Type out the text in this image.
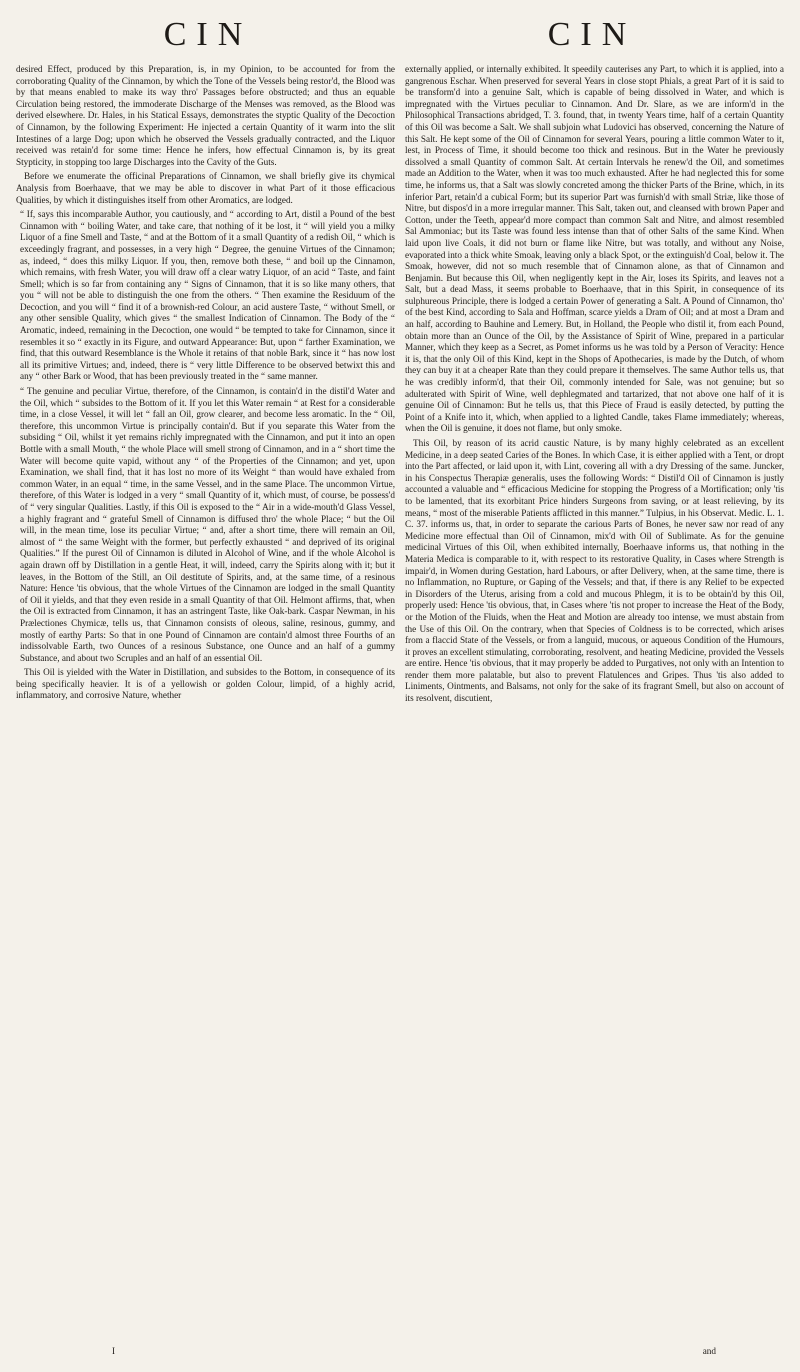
CIN	CIN

desired Effect, produced by this Preparation, is, in my Opinion, to be accounted for from the corroborating Quality of the Cinnamon, by which the Tone of the Vessels being restor'd, the Blood was by that means enabled to make its way thro' Passages before obstructed; and thus an equable Circulation being restored, the immoderate Discharge of the Menses was removed, as the Blood was derived elsewhere. Dr. Hales, in his Statical Essays, demonstrates the styptic Quality of the Decoction of Cinnamon, by the following Experiment: He injected a certain Quantity of it warm into the slit Intestines of a large Dog; upon which he observed the Vessels gradually contracted, and the Liquor received was retain'd for some time: Hence he infers, how effectual Cinnamon is, by its great Stypticity, in stopping too large Discharges into the Cavity of the Guts.

Before we enumerate the officinal Preparations of Cinnamon, we shall briefly give its chymical Analysis from Boerhaave, that we may be able to discover in what Part of it those efficacious Qualities, by which it distinguishes itself from other Aromatics, are lodged.

“ If, says this incomparable Author, you cautiously, and “ according to Art, distil a Pound of the best Cinnamon with “ boiling Water, and take care, that nothing of it be lost, it “ will yield you a milky Liquor of a fine Smell and Taste, “ and at the Bottom of it a small Quantity of a redish Oil, “ which is exceedingly fragrant, and possesses, in a very high “ Degree, the genuine Virtues of the Cinnamon; as, indeed, “ does this milky Liquor. If you, then, remove both these, “ and boil up the Cinnamon, which remains, with fresh Water, you will draw off a clear watry Liquor, of an acid “ Taste, and faint Smell; which is so far from containing any “ Signs of Cinnamon, that it is so like many others, that you “ will not be able to distinguish the one from the others. “ Then examine the Residuum of the Decoction, and you will “ find it of a brownish-red Colour, an acid austere Taste, “ without Smell, or any other sensible Quality, which gives “ the smallest Indication of Cinnamon. The Body of the “ Aromatic, indeed, remaining in the Decoction, one would “ be tempted to take for Cinnamon, since it resembles it so “ exactly in its Figure, and outward Appearance: But, upon “ farther Examination, we find, that this outward Resemblance is the Whole it retains of that noble Bark, since it “ has now lost all its primitive Virtues; and, indeed, there is “ very little Difference to be observed betwixt this and any “ other Bark or Wood, that has been previously treated in the “ same manner.

“ The genuine and peculiar Virtue, therefore, of the Cinnamon, is contain'd in the distil'd Water and the Oil, which “ subsides to the Bottom of it. If you let this Water remain “ at Rest for a considerable time, in a close Vessel, it will let “ fall an Oil, grow clearer, and become less aromatic. In the “ Oil, therefore, this uncommon Virtue is principally contain'd. But if you separate this Water from the subsiding “ Oil, whilst it yet remains richly impregnated with the Cinnamon, and put it into an open Bottle with a small Mouth, “ the whole Place will smell strong of Cinnamon, and in a “ short time the Water will become quite vapid, without any “ of the Properties of the Cinnamon; and yet, upon Examination, we shall find, that it has lost no more of its Weight “ than would have exhaled from common Water, in an equal “ time, in the same Vessel, and in the same Place. The uncommon Virtue, therefore, of this Water is lodged in a very “ small Quantity of it, which must, of course, be possess'd of “ very singular Qualities. Lastly, if this Oil is exposed to the “ Air in a wide-mouth'd Glass Vessel, a highly fragrant and “ grateful Smell of Cinnamon is diffused thro' the whole Place; “ but the Oil will, in the mean time, lose its peculiar Virtue; “ and, after a short time, there will remain an Oil, almost of “ the same Weight with the former, but perfectly exhausted “ and deprived of its original Qualities.” If the purest Oil of Cinnamon is diluted in Alcohol of Wine, and if the whole Alcohol is again drawn off by Distillation in a gentle Heat, it will, indeed, carry the Spirits along with it; but it leaves, in the Bottom of the Still, an Oil destitute of Spirits, and, at the same time, of a resinous Nature: Hence 'tis obvious, that the whole Virtues of the Cinnamon are lodged in the small Quantity of Oil it yields, and that they even reside in a small Quantity of that Oil. Helmont affirms, that, when the Oil is extracted from Cinnamon, it has an astringent Taste, like Oak-bark. Caspar Newman, in his Prælectiones Chymicæ, tells us, that Cinnamon consists of oleous, saline, resinous, gummy, and mostly of earthy Parts: So that in one Pound of Cinnamon are contain'd almost three Fourths of an indissolvable Earth, two Ounces of a resinous Substance, one Ounce and an half of a gummy Substance, and about two Scruples and an half of an essential Oil.

This Oil is yielded with the Water in Distillation, and subsides to the Bottom, in consequence of its being specifically heavier. It is of a yellowish or golden Colour, limpid, of a highly acrid, inflammatory, and corrosive Nature, whether

externally applied, or internally exhibited. It speedily cauterises any Part, to which it is applied, into a gangrenous Eschar. When preserved for several Years in close stopt Phials, a great Part of it is said to be transform'd into a genuine Salt, which is capable of being dissolved in Water, and which is impregnated with the Virtues peculiar to Cinnamon. And Dr. Slare, as we are inform'd in the Philosophical Transactions abridged, T. 3. found, that, in twenty Years time, half of a certain Quantity of this Oil was become a Salt. We shall subjoin what Ludovici has observed, concerning the Nature of this Salt. He kept some of the Oil of Cinnamon for several Years, pouring a little common Water to it, lest, in Process of Time, it should become too thick and resinous. But in the Water he previously dissolved a small Quantity of common Salt. At certain Intervals he renew'd the Oil, and sometimes made an Addition to the Water, when it was too much exhausted. After he had neglected this for some time, he informs us, that a Salt was slowly concreted among the thicker Parts of the Brine, which, in its inferior Part, retain'd a cubical Form; but its superior Part was furnish'd with small Striæ, like those of Nitre, but dispos'd in a more irregular manner. This Salt, taken out, and cleansed with brown Paper and Cotton, under the Teeth, appear'd more compact than common Salt and Nitre, and almost resembled Sal Ammoniac; but its Taste was found less intense than that of other Salts of the same Kind. When laid upon live Coals, it did not burn or flame like Nitre, but was totally, and without any Noise, evaporated into a thick white Smoak, leaving only a black Spot, or the extinguish'd Coal, below it. The Smoak, however, did not so much resemble that of Cinnamon alone, as that of Cinnamon and Benjamin. But because this Oil, when negligently kept in the Air, loses its Spirits, and leaves not a Salt, but a dead Mass, it seems probable to Boerhaave, that in this Spirit, in consequence of its sulphureous Principle, there is lodged a certain Power of generating a Salt. A Pound of Cinnamon, tho' of the best Kind, according to Sala and Hoffman, scarce yields a Dram of Oil; and at most a Dram and an half, according to Bauhine and Lemery. But, in Holland, the People who distil it, from each Pound, obtain more than an Ounce of the Oil, by the Assistance of Spirit of Wine, prepared in a particular Manner, which they keep as a Secret, as Pomet informs us he was told by a Person of Veracity: Hence it is, that the only Oil of this Kind, kept in the Shops of Apothecaries, is made by the Dutch, of whom they can buy it at a cheaper Rate than they could prepare it themselves. The same Author tells us, that he was credibly inform'd, that their Oil, commonly intended for Sale, was not genuine; but so adulterated with Spirit of Wine, well dephlegmated and tartarized, that not above one half of it is genuine Oil of Cinnamon: But he tells us, that this Piece of Fraud is easily detected, by putting the Point of a Knife into it, which, when applied to a lighted Candle, takes Flame immediately; whereas, when the Oil is genuine, it does not flame, but only smoke.

This Oil, by reason of its acrid caustic Nature, is by many highly celebrated as an excellent Medicine, in a deep seated Caries of the Bones. In which Case, it is either applied with a Tent, or dropt into the Part affected, or laid upon it, with Lint, covering all with a dry Dressing of the same. Juncker, in his Conspectus Therapiæ generalis, uses the following Words: “ Distil'd Oil of Cinnamon is justly accounted a valuable and “ efficacious Medicine for stopping the Progress of a Mortification; only 'tis to be lamented, that its exorbitant Price hinders Surgeons from saving, or at least relieving, by its means, “ most of the miserable Patients afflicted in this manner.” Tulpius, in his Observat. Medic. L. 1. C. 37. informs us, that, in order to separate the carious Parts of Bones, he never saw nor read of any Medicine more effectual than Oil of Cinnamon, mix'd with Oil of Sublimate. As for the genuine medicinal Virtues of this Oil, when exhibited internally, Boerhaave informs us, that nothing in the Materia Medica is comparable to it, with respect to its restorative Quality, in Cases where Strength is impair'd, in Women during Gestation, hard Labours, or after Delivery, when, at the same time, there is no Inflammation, no Rupture, or Gaping of the Vessels; and that, if there is any Relief to be expected in Disorders of the Uterus, arising from a cold and mucous Phlegm, it is to be obtain'd by this Oil, properly used: Hence 'tis obvious, that, in Cases where 'tis not proper to increase the Heat of the Body, or the Motion of the Fluids, when the Heat and Motion are already too intense, we must abstain from the Use of this Oil. On the contrary, when that Species of Coldness is to be corrected, which arises from a flaccid State of the Vessels, or from a languid, mucous, or aqueous Condition of the Humours, it proves an excellent stimulating, corroborating, resolvent, and heating Medicine, provided the Vessels are entire. Hence 'tis obvious, that it may properly be added to Purgatives, not only with an Intention to render them more palatable, but also to prevent Flatulences and Gripes. Thus 'tis also added to Liniments, Ointments, and Balsams, not only for the sake of its fragrant Smell, but also on account of its resolvent, discutient,

I	and
